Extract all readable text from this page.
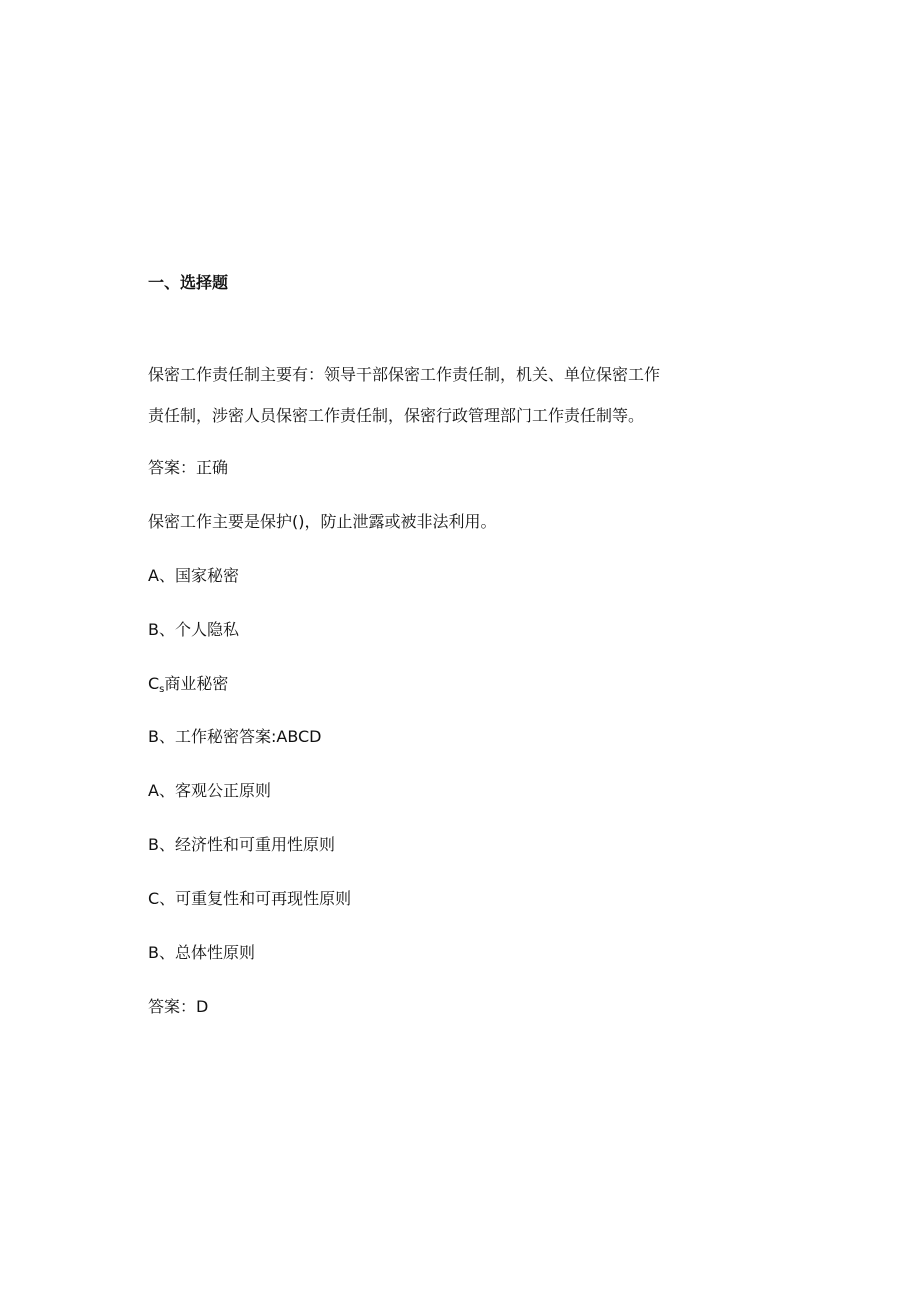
一、选择题
保密工作责任制主要有：领导干部保密工作责任制，机关、单位保密工作
责任制，涉密人员保密工作责任制，保密行政管理部门工作责任制等。
答案：正确
保密工作主要是保护()，防止泄露或被非法利用。
A、国家秘密
B、个人隐私
$C_s$商业秘密
B、工作秘密答案:ABCD
A、客观公正原则
B、经济性和可重用性原则
C、可重复性和可再现性原则
B、总体性原则
答案：D
